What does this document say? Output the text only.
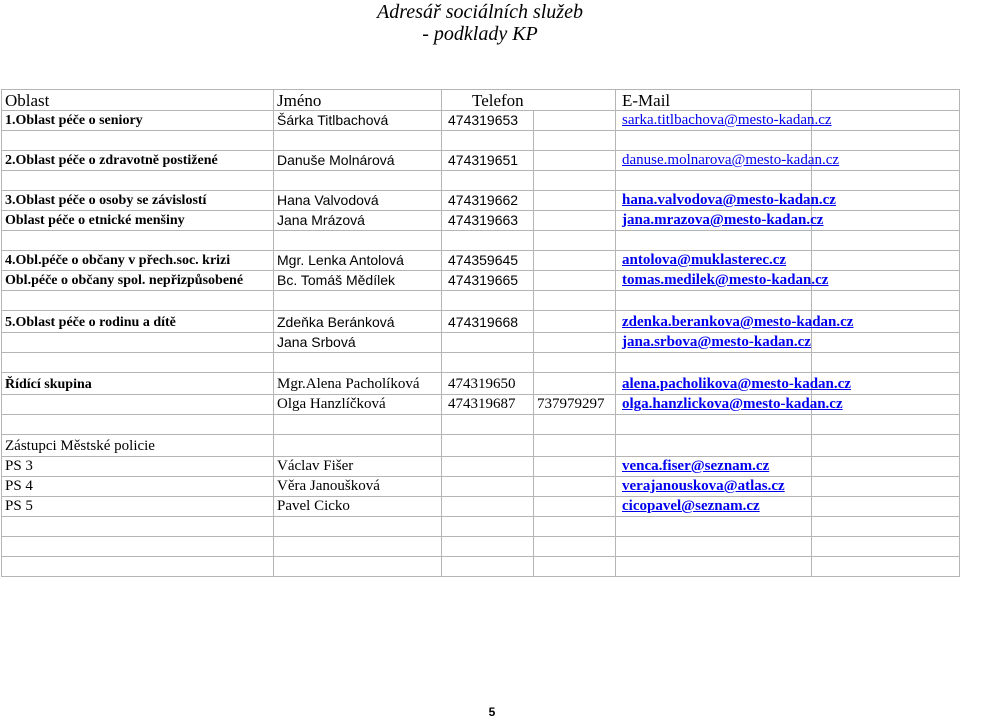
Adresář sociálních služeb
- podklady KP
Oblast	Jméno	Telefon		E-Mail	
1.Oblast péče o seniory	Šárka Titlbachová	474319653		sarka.titlbachova@mesto-kadan.cz	

2.Oblast péče o zdravotně postižené	Danuše Molnárová	474319651		danuse.molnarova@mesto-kadan.cz	

3.Oblast péče o osoby se závislostí	Hana Valvodová	474319662		hana.valvodova@mesto-kadan.cz	
Oblast péče o etnické menšiny	Jana Mrázová	474319663		jana.mrazova@mesto-kadan.cz	

4.Obl.péče o občany v přech.soc. krizi	Mgr. Lenka Antolová	474359645		antolova@muklasterec.cz	
Obl.péče o občany spol. nepřizpůsobené	Bc. Tomáš Mědílek	474319665		tomas.medilek@mesto-kadan.cz	

5.Oblast péče o rodinu a dítě	Zdeňka Beránková	474319668		zdenka.berankova@mesto-kadan.cz	
	Jana Srbová			jana.srbova@mesto-kadan.cz	

Řídící skupina	Mgr.Alena Pacholíková	474319650		alena.pacholikova@mesto-kadan.cz	
	Olga Hanzlíčková	474319687	737979297	olga.hanzlickova@mesto-kadan.cz	

Zástupci Městské policie					
PS 3	Václav Fišer			venca.fiser@seznam.cz	
PS 4	Věra Janoušková			verajanouskova@atlas.cz	
PS 5	Pavel Cicko			cicopavel@seznam.cz	

5
